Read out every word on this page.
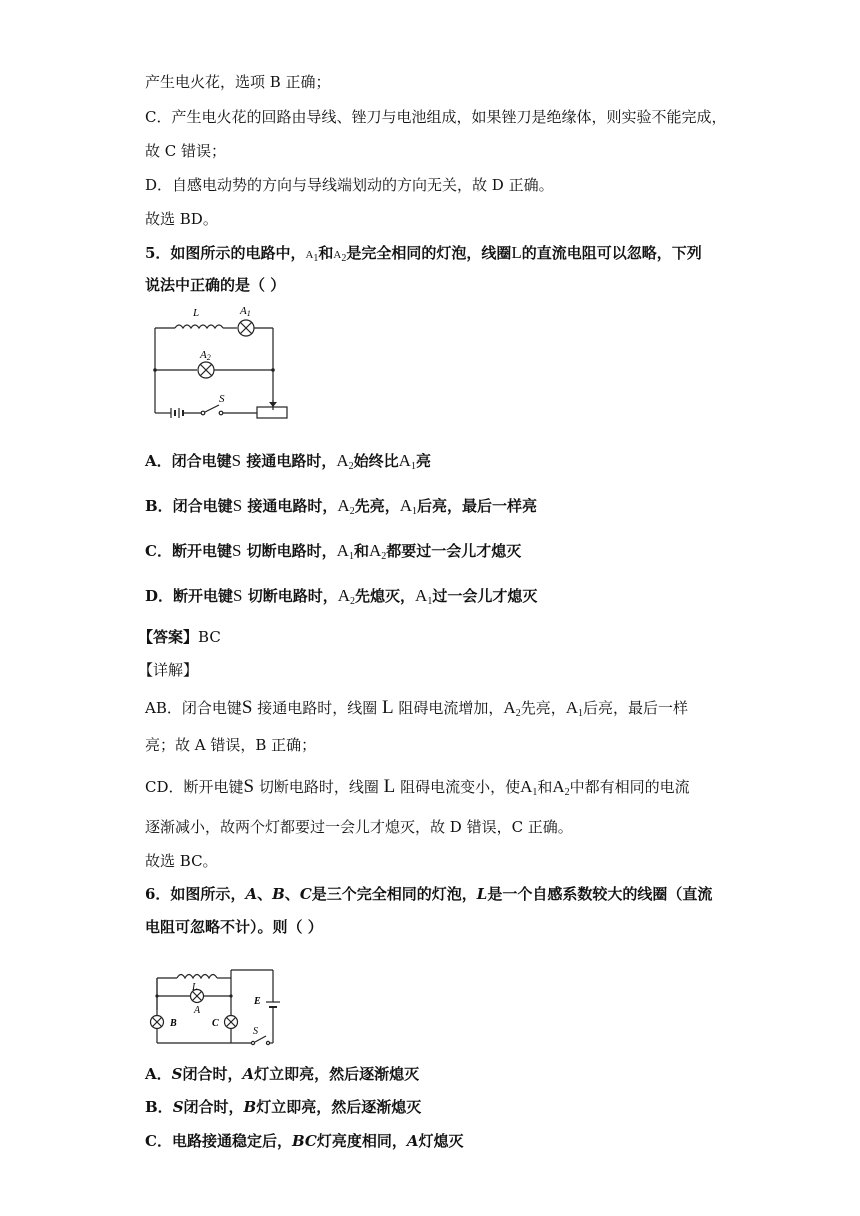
产生电火花，选项 B 正确；
C．产生电火花的回路由导线、锉刀与电池组成，如果锉刀是绝缘体，则实验不能完成，
故 C 错误；
D．自感电动势的方向与导线端划动的方向无关，故 D 正确。
故选 BD。
5．如图所示的电路中，A1和A2是完全相同的灯泡，线圈L的直流电阻可以忽略，下列
说法中正确的是（ ）
L	A1
A2
S
A．闭合电键S 接通电路时，$A_2$始终比$A_1$亮
B．闭合电键S 接通电路时，$A_2$先亮，$A_1$后亮，最后一样亮
C．断开电键S 切断电路时，$A_1$和$A_2$都要过一会儿才熄灭
D．断开电键S 切断电路时，$A_2$先熄灭，$A_1$过一会儿才熄灭
【答案】BC
【详解】
AB．闭合电键S 接通电路时，线圈 L 阻碍电流增加，$A_2$先亮，$A_1$后亮，最后一样
亮；故 A 错误，B 正确；
CD．断开电键S 切断电路时，线圈 L 阻碍电流变小，使$A_1$和$A_2$中都有相同的电流
逐渐减小，故两个灯都要过一会儿才熄灭，故 D 错误，C 正确。
故选 BC。
6．如图所示，A、B、C是三个完全相同的灯泡，L是一个自感系数较大的线圈（直流
电阻可忽略不计）。则（ ）
L
A
B	C
E
S
A．S闭合时，A灯立即亮，然后逐渐熄灭
B．S闭合时，B灯立即亮，然后逐渐熄灭
C．电路接通稳定后，BC灯亮度相同，A灯熄灭
